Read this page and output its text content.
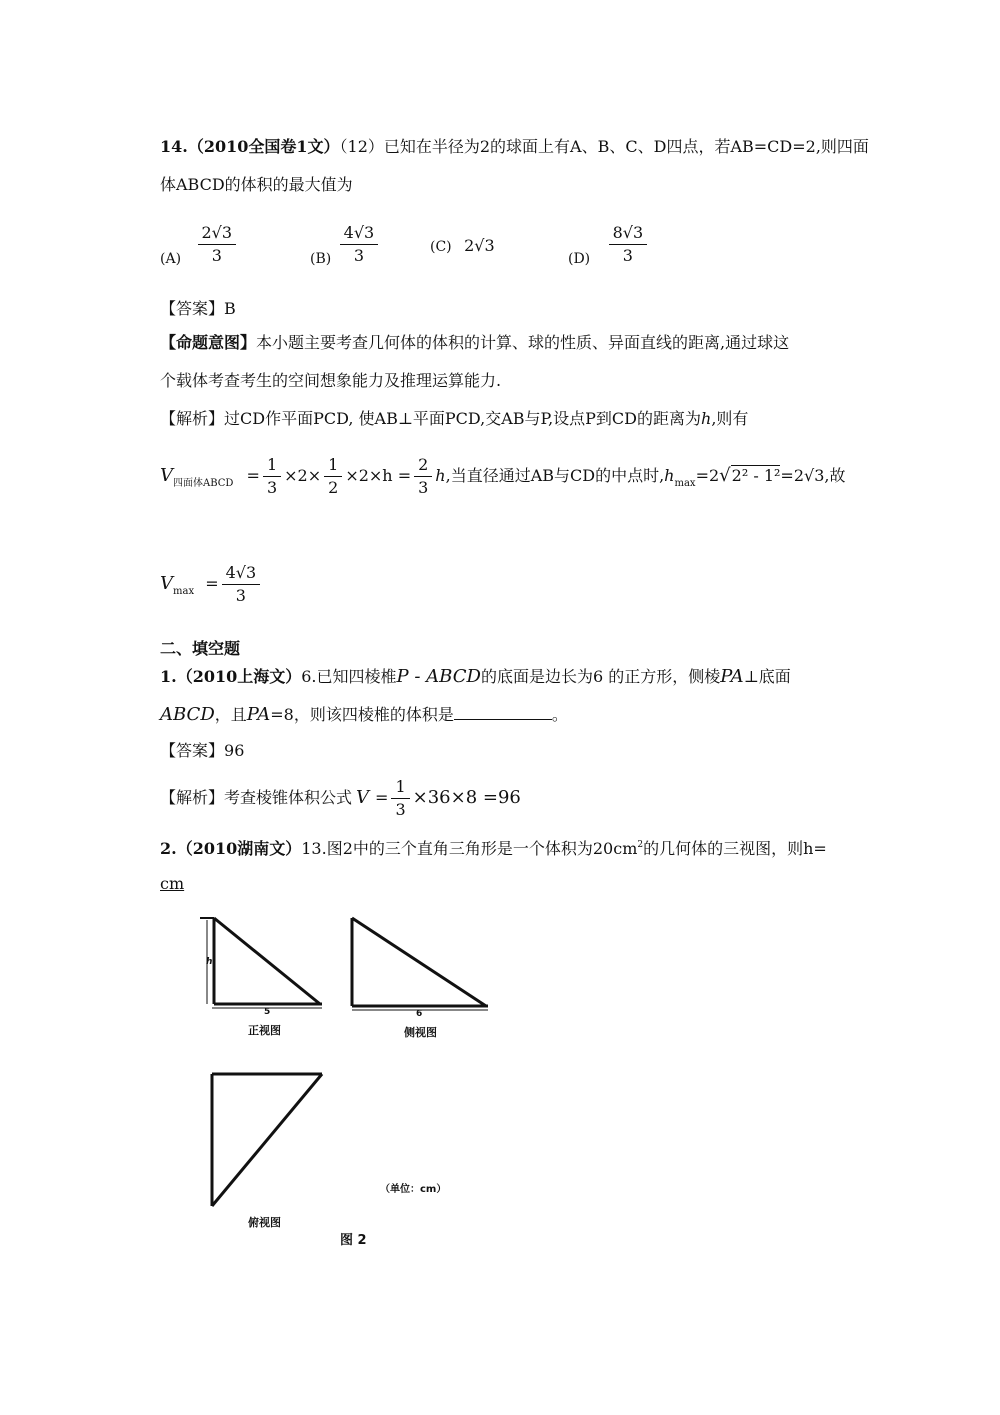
14.（2010全国卷1文）（12）已知在半径为2的球面上有A、B、C、D四点，若AB=CD=2,则四面
体ABCD的体积的最大值为
$(A) \frac{2√3}{3}$	$(B) \frac{4√3}{3}$	(C) 2√3
$(D) \frac{8√3}{3}$
【答案】B
【命题意图】本小题主要考查几何体的体积的计算、球的性质、异面直线的距离,通过球这
个载体考查考生的空间想象能力及推理运算能力.
【解析】过CD作平面PCD, 使AB⊥平面PCD,交AB与P,设点P到CD的距离为h,则有
$V_{四面体ABCD} = \frac{1}{3} \times 2\times \frac{1}{2} \times 2\times h = \frac{2}{3} h$,当直径通过AB与CD的中点时$,h_{max}=2√2^2 - 1^2=2√3$,故
$V_{max} = \frac{4√3}{3}$
二、填空题
1.（2010上海文）6.已知四棱椎P - ABCD的底面是边长为6 的正方形，侧棱PA⊥底面
ABCD，且PA=8，则该四棱椎的体积是	。
【答案】96
【解析】考查棱锥体积公式 $V = \frac{1}{3} \times 36\times 8 =96$
2.（2010湖南文）13.图2中的三个直角三角形是一个体积为$20cm^2$的几何体的三视图，则h=
cm
h
5
正视图
6
侧视图
俯视图
（单位：cm）
图 2
